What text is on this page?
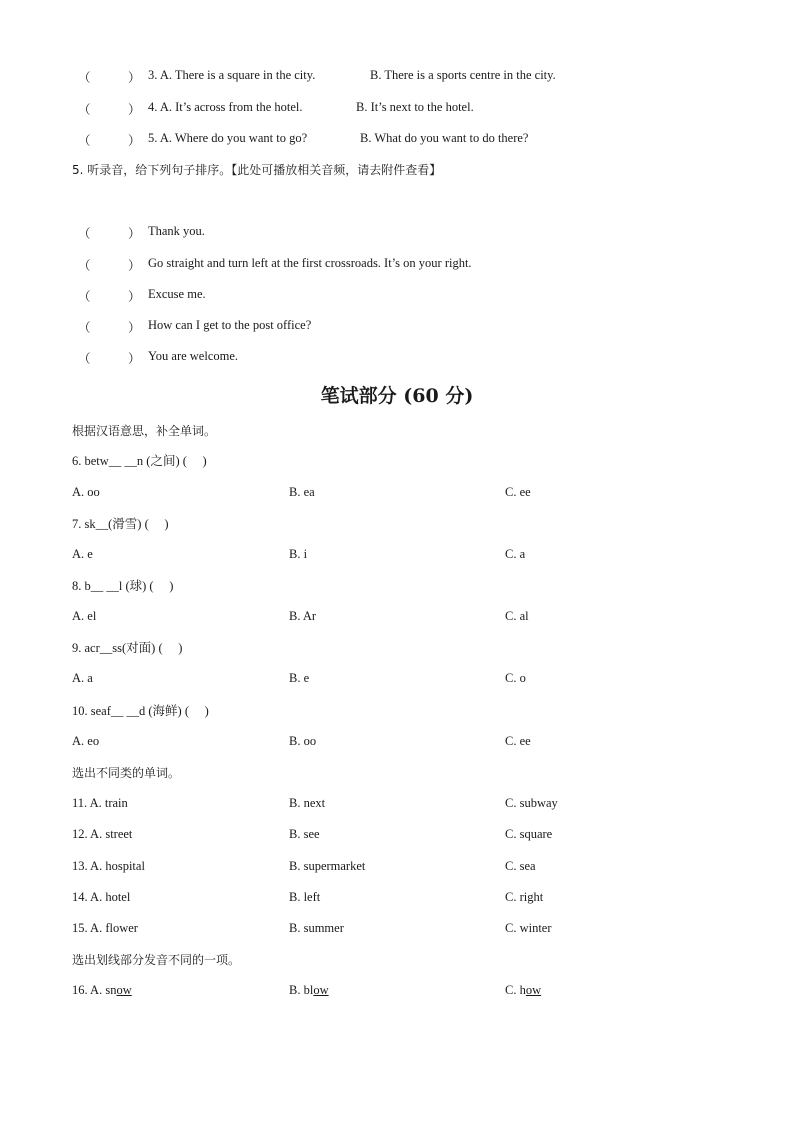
（	） 3. A. There is a square in the city.	B. There is a sports centre in the city.
（	） 4. A. It’s across from the hotel.	B. It’s next to the hotel.
（	） 5. A. Where do you want to go?	B. What do you want to do there?
5. 听录音，给下列句子排序。【此处可播放相关音频，请去附件查看】
（	） Thank you.
（	） Go straight and turn left at the first crossroads. It’s on your right.
（	） Excuse me.
（	） How can I get to the post office?
（	） You are welcome.
笔试部分 (60 分)
根据汉语意思，补全单词。
6. betw__ __n (之间) (　 )
A. oo	B. ea	C. ee
7. sk__(滑雪) (　 )
A. e	B. i	C. a
8. b__ __l (球) (　 )
A. el	B. Ar	C. al
9. acr__ss(对面) (　 )
A. a	B. e	C. o
10. seaf__ __d (海鲜) (　 )
A. eo	B. oo	C. ee
选出不同类的单词。
11. A. train	B. next	C. subway
12. A. street	B. see	C. square
13. A. hospital	B. supermarket	C. sea
14. A. hotel	B. left	C. right
15. A. flower	B. summer	C. winter
选出划线部分发音不同的一项。
16. A. snow	B. blow	C. how
